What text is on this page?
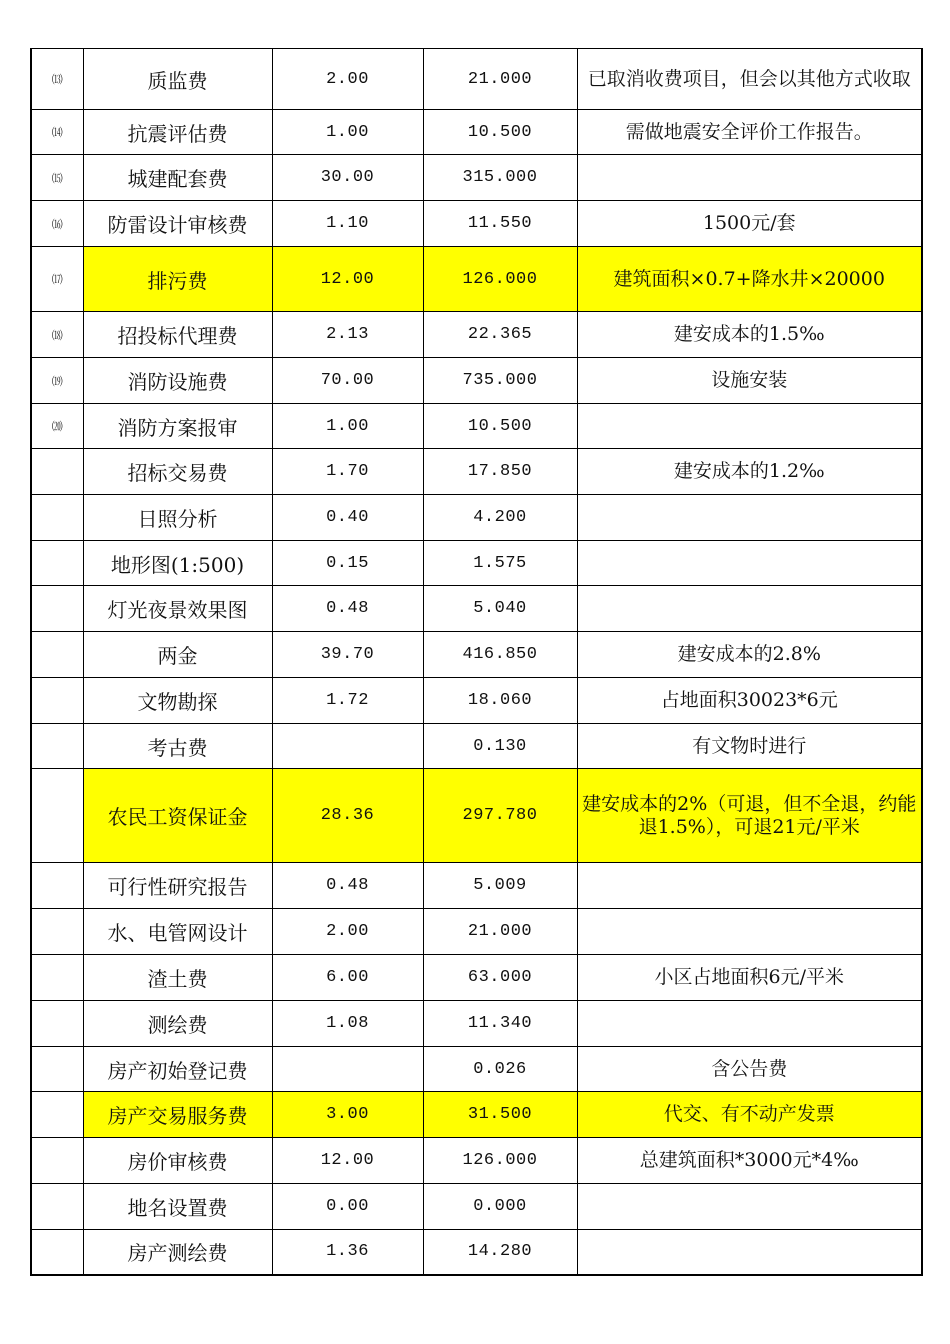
⒀	质监费	2.00	21.000	已取消收费项目，但会以其他方式收取
⒁	抗震评估费	1.00	10.500	需做地震安全评价工作报告。
⒂	城建配套费	30.00	315.000	
⒃	防雷设计审核费	1.10	11.550	1500元/套
⒄	排污费	12.00	126.000	建筑面积×0.7+降水井×20000
⒅	招投标代理费	2.13	22.365	建安成本的1.5‰
⒆	消防设施费	70.00	735.000	设施安装
⒇	消防方案报审	1.00	10.500	
	招标交易费	1.70	17.850	建安成本的1.2‰
	日照分析	0.40	4.200	
	地形图(1:500)	0.15	1.575	
	灯光夜景效果图	0.48	5.040	
	两金	39.70	416.850	建安成本的2.8%
	文物勘探	1.72	18.060	占地面积30023*6元
	考古费		0.130	有文物时进行
	农民工资保证金	28.36	297.780	建安成本的2%（可退，但不全退，约能退1.5%），可退21元/平米
	可行性研究报告	0.48	5.009	
	水、电管网设计	2.00	21.000	
	渣土费	6.00	63.000	小区占地面积6元/平米
	测绘费	1.08	11.340	
	房产初始登记费		0.026	含公告费
	房产交易服务费	3.00	31.500	代交、有不动产发票
	房价审核费	12.00	126.000	总建筑面积*3000元*4‰
	地名设置费	0.00	0.000	
	房产测绘费	1.36	14.280	
